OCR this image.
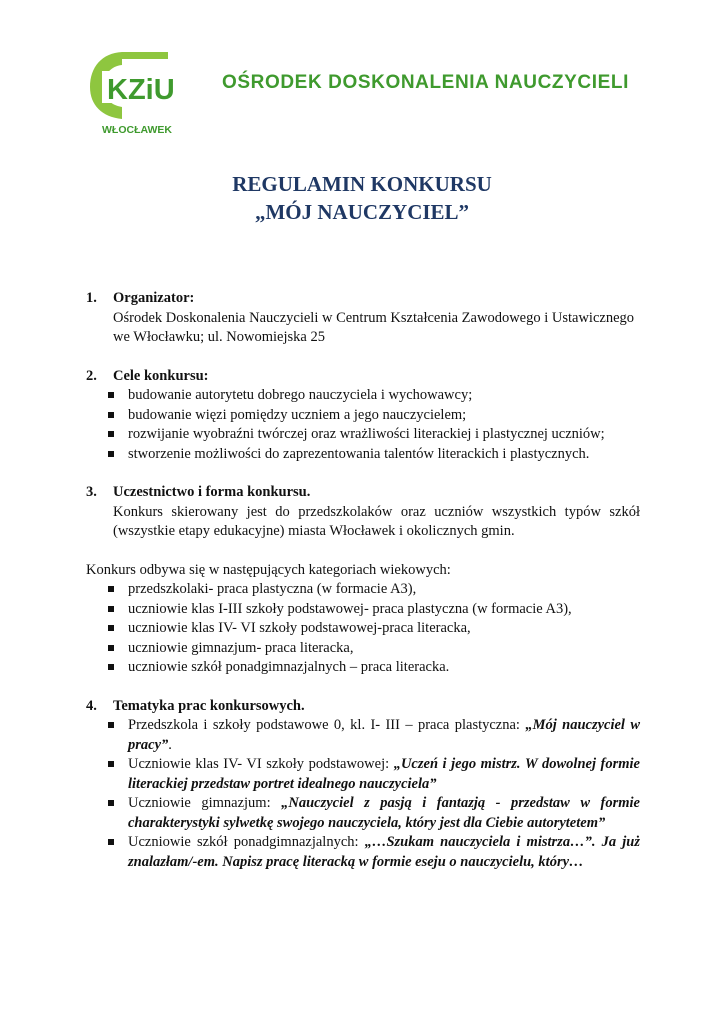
KZiU
WŁOCŁAWEK
OŚRODEK DOSKONALENIA NAUCZYCIELI
REGULAMIN KONKURSU
„MÓJ NAUCZYCIEL”
1.	Organizator:
Ośrodek Doskonalenia Nauczycieli w Centrum Kształcenia Zawodowego i Ustawicznego we Włocławku; ul. Nowomiejska 25
2.	Cele konkursu:
budowanie autorytetu dobrego nauczyciela i wychowawcy;
budowanie więzi pomiędzy uczniem a jego nauczycielem;
rozwijanie wyobraźni twórczej oraz wrażliwości literackiej i plastycznej uczniów;
stworzenie możliwości do zaprezentowania talentów literackich i plastycznych.
3.	Uczestnictwo i forma konkursu.
Konkurs skierowany jest do przedszkolaków oraz uczniów wszystkich typów szkół (wszystkie etapy edukacyjne) miasta Włocławek i okolicznych gmin.
Konkurs odbywa się w następujących kategoriach wiekowych:
przedszkolaki- praca plastyczna (w formacie A3),
uczniowie klas I-III szkoły podstawowej- praca plastyczna (w formacie A3),
uczniowie klas IV- VI szkoły podstawowej-praca literacka,
uczniowie gimnazjum- praca literacka,
uczniowie szkół ponadgimnazjalnych – praca literacka.
4.	Tematyka prac konkursowych.
Przedszkola i szkoły podstawowe 0, kl. I- III – praca plastyczna: „Mój nauczyciel w pracy”.
Uczniowie klas IV- VI szkoły podstawowej: „Uczeń i jego mistrz. W dowolnej formie literackiej przedstaw portret idealnego nauczyciela”
Uczniowie gimnazjum: „Nauczyciel z pasją i fantazją - przedstaw w formie charakterystyki sylwetkę swojego nauczyciela, który jest dla Ciebie autorytetem”
Uczniowie szkół ponadgimnazjalnych: „…Szukam nauczyciela i mistrza…”. Ja już znalazłam/-em. Napisz pracę literacką w formie eseju o nauczycielu, który…
